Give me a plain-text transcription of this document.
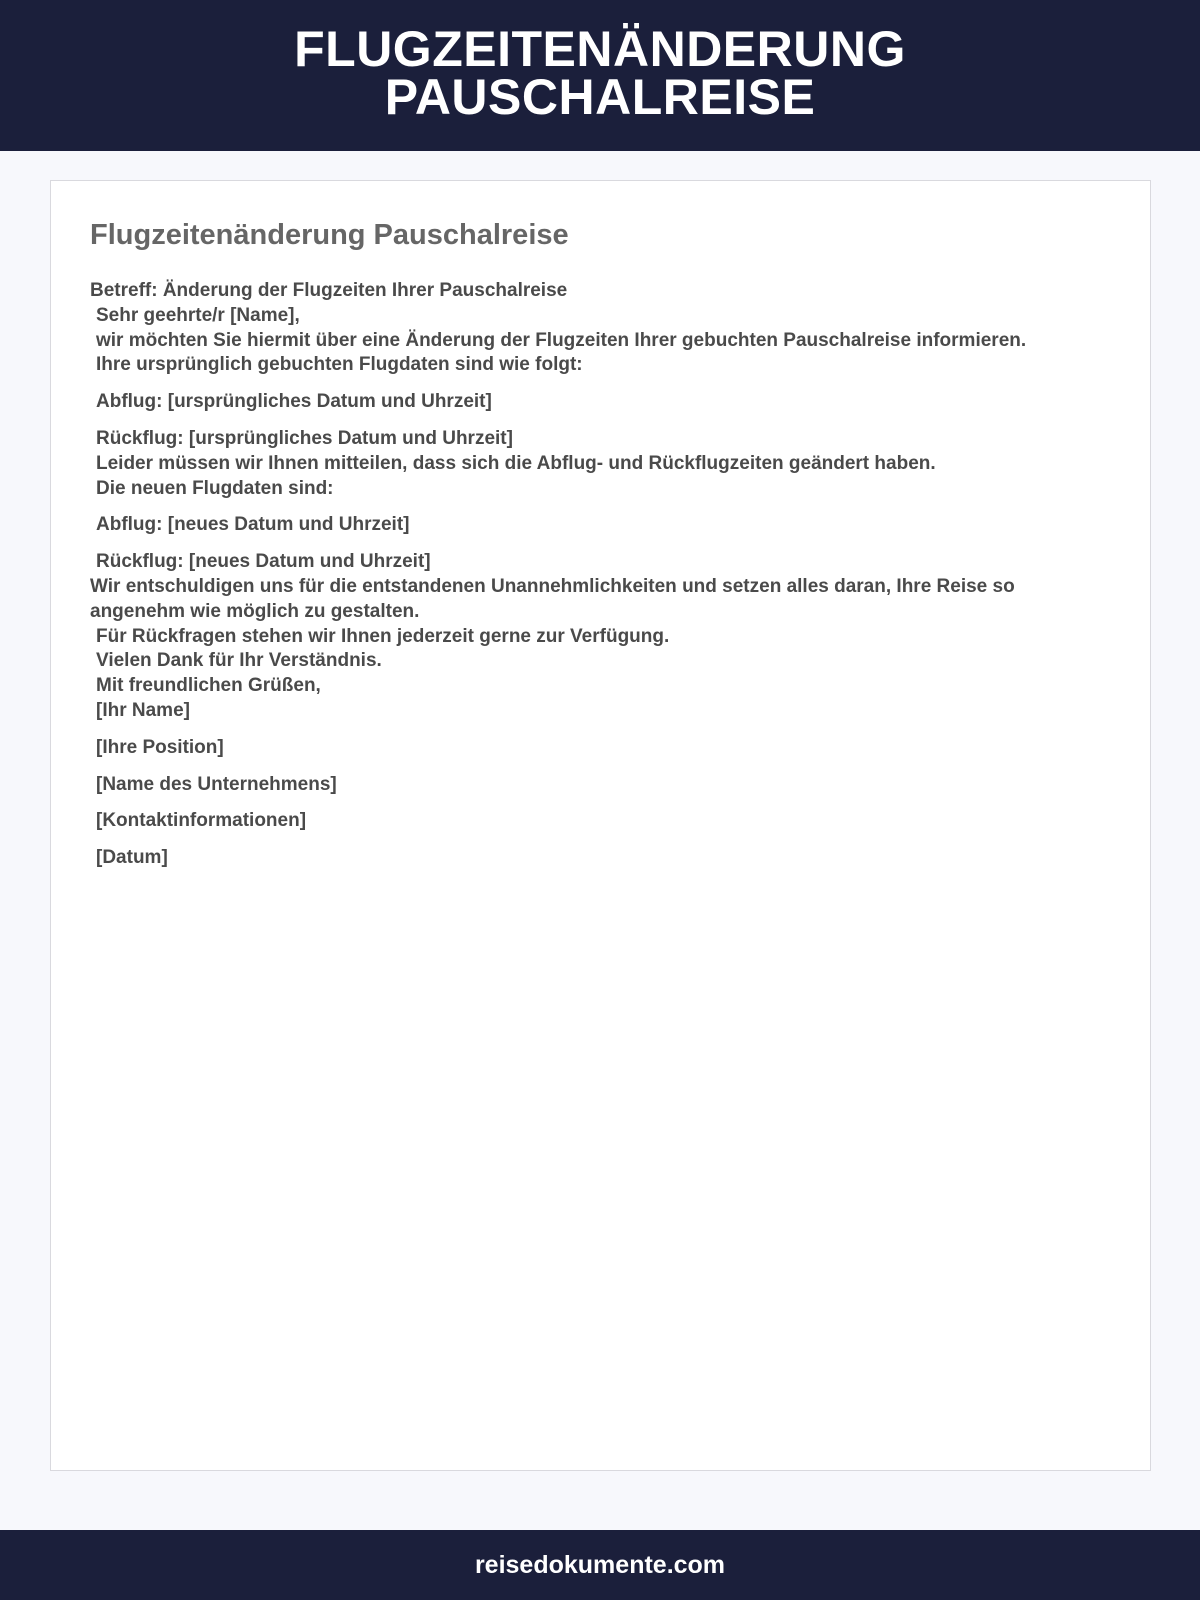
FLUGZEITENÄNDERUNG
PAUSCHALREISE
Flugzeitenänderung Pauschalreise
Betreff: Änderung der Flugzeiten Ihrer Pauschalreise
Sehr geehrte/r [Name],
wir möchten Sie hiermit über eine Änderung der Flugzeiten Ihrer gebuchten Pauschalreise informieren.
Ihre ursprünglich gebuchten Flugdaten sind wie folgt:
Abflug: [ursprüngliches Datum und Uhrzeit]
Rückflug: [ursprüngliches Datum und Uhrzeit]
Leider müssen wir Ihnen mitteilen, dass sich die Abflug- und Rückflugzeiten geändert haben.
Die neuen Flugdaten sind:
Abflug: [neues Datum und Uhrzeit]
Rückflug: [neues Datum und Uhrzeit]
Wir entschuldigen uns für die entstandenen Unannehmlichkeiten und setzen alles daran, Ihre Reise so angenehm wie möglich zu gestalten.
Für Rückfragen stehen wir Ihnen jederzeit gerne zur Verfügung.
Vielen Dank für Ihr Verständnis.
Mit freundlichen Grüßen,
[Ihr Name]
[Ihre Position]
[Name des Unternehmens]
[Kontaktinformationen]
[Datum]
reisedokumente.com
